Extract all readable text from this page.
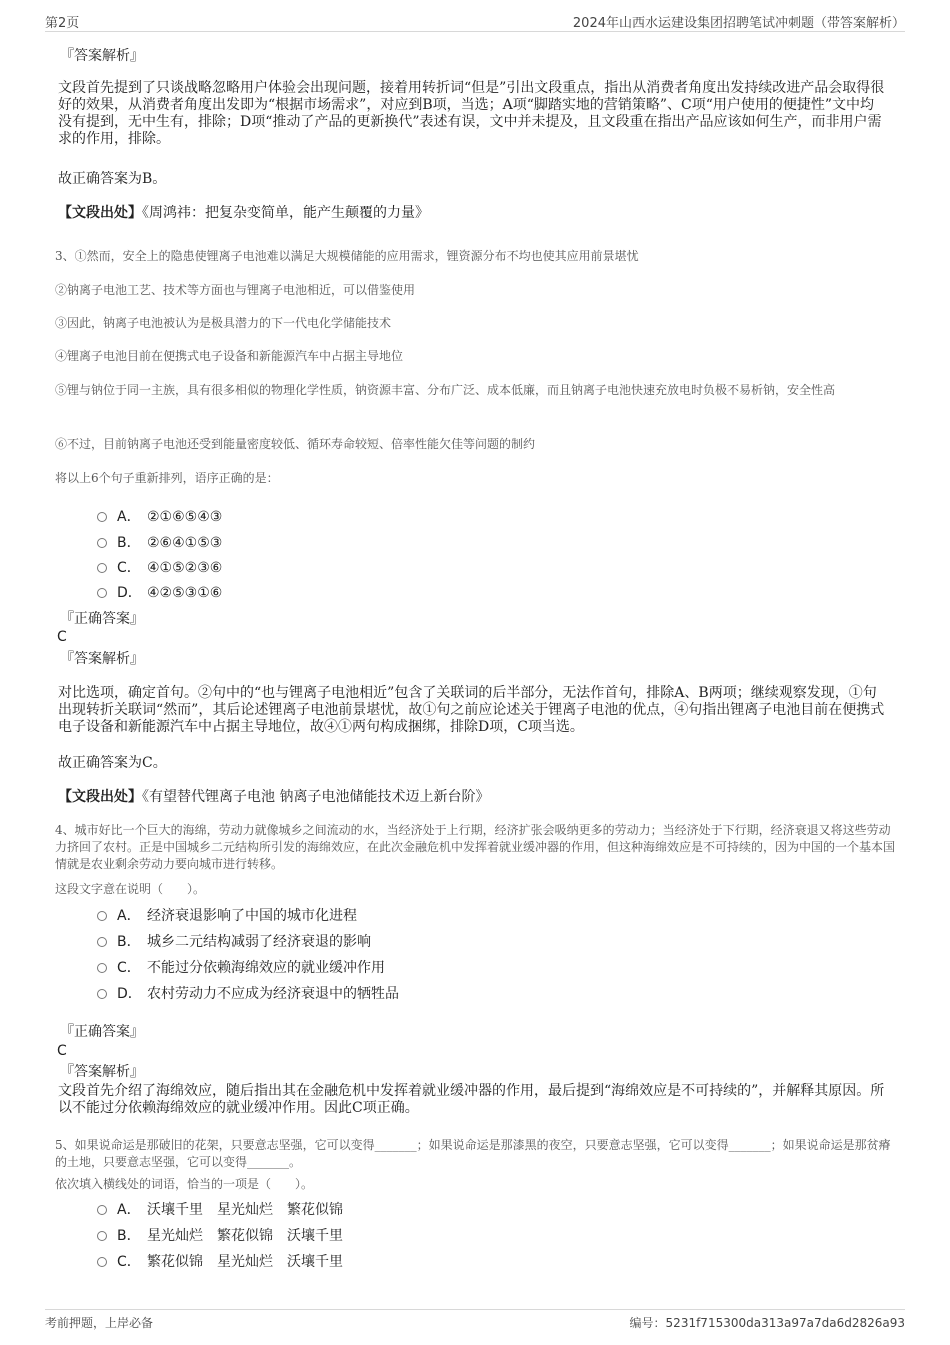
第2页	2024年山西水运建设集团招聘笔试冲刺题（带答案解析）
『答案解析』
文段首先提到了只谈战略忽略用户体验会出现问题，接着用转折词“但是”引出文段重点，指出从消费者角度出发持续改进产品会取得很好的效果，从消费者角度出发即为“根据市场需求”，对应到B项，当选；A项“脚踏实地的营销策略”、C项“用户使用的便捷性”文中均没有提到，无中生有，排除；D项“推动了产品的更新换代”表述有误，文中并未提及，且文段重在指出产品应该如何生产，而非用户需求的作用，排除。
故正确答案为B。
【文段出处】《周鸿祎：把复杂变简单，能产生颠覆的力量》
3、①然而，安全上的隐患使锂离子电池难以满足大规模储能的应用需求，锂资源分布不均也使其应用前景堪忧
②钠离子电池工艺、技术等方面也与锂离子电池相近，可以借鉴使用
③因此，钠离子电池被认为是极具潜力的下一代电化学储能技术
④锂离子电池目前在便携式电子设备和新能源汽车中占据主导地位
⑤锂与钠位于同一主族，具有很多相似的物理化学性质，钠资源丰富、分布广泛、成本低廉，而且钠离子电池快速充放电时负极不易析钠，安全性高
⑥不过，目前钠离子电池还受到能量密度较低、循环寿命较短、倍率性能欠佳等问题的制约
将以上6个句子重新排列，语序正确的是：
A． ②①⑥⑤④③
B． ②⑥④①⑤③
C． ④①⑤②③⑥
D． ④②⑤③①⑥
『正确答案』
C
『答案解析』
对比选项，确定首句。②句中的“也与锂离子电池相近”包含了关联词的后半部分，无法作首句，排除A、B两项；继续观察发现，①句出现转折关联词“然而”，其后论述锂离子电池前景堪忧，故①句之前应论述关于锂离子电池的优点，④句指出锂离子电池目前在便携式电子设备和新能源汽车中占据主导地位，故④①两句构成捆绑，排除D项，C项当选。
故正确答案为C。
【文段出处】《有望替代锂离子电池 钠离子电池储能技术迈上新台阶》
4、城市好比一个巨大的海绵，劳动力就像城乡之间流动的水，当经济处于上行期，经济扩张会吸纳更多的劳动力；当经济处于下行期，经济衰退又将这些劳动力挤回了农村。正是中国城乡二元结构所引发的海绵效应，在此次金融危机中发挥着就业缓冲器的作用，但这种海绵效应是不可持续的，因为中国的一个基本国情就是农业剩余劳动力要向城市进行转移。
这段文字意在说明（　　）。
A． 经济衰退影响了中国的城市化进程
B． 城乡二元结构减弱了经济衰退的影响
C． 不能过分依赖海绵效应的就业缓冲作用
D． 农村劳动力不应成为经济衰退中的牺牲品
『正确答案』
C
『答案解析』
文段首先介绍了海绵效应，随后指出其在金融危机中发挥着就业缓冲器的作用，最后提到“海绵效应是不可持续的”，并解释其原因。所以不能过分依赖海绵效应的就业缓冲作用。因此C项正确。
5、如果说命运是那破旧的花架，只要意志坚强，它可以变得_______；如果说命运是那漆黑的夜空，只要意志坚强，它可以变得_______；如果说命运是那贫瘠的土地，只要意志坚强，它可以变得_______。
依次填入横线处的词语，恰当的一项是（　　）。
A． 沃壤千里　星光灿烂　繁花似锦
B． 星光灿烂　繁花似锦　沃壤千里
C． 繁花似锦　星光灿烂　沃壤千里
考前押题，上岸必备	编号：5231f715300da313a97a7da6d2826a93
